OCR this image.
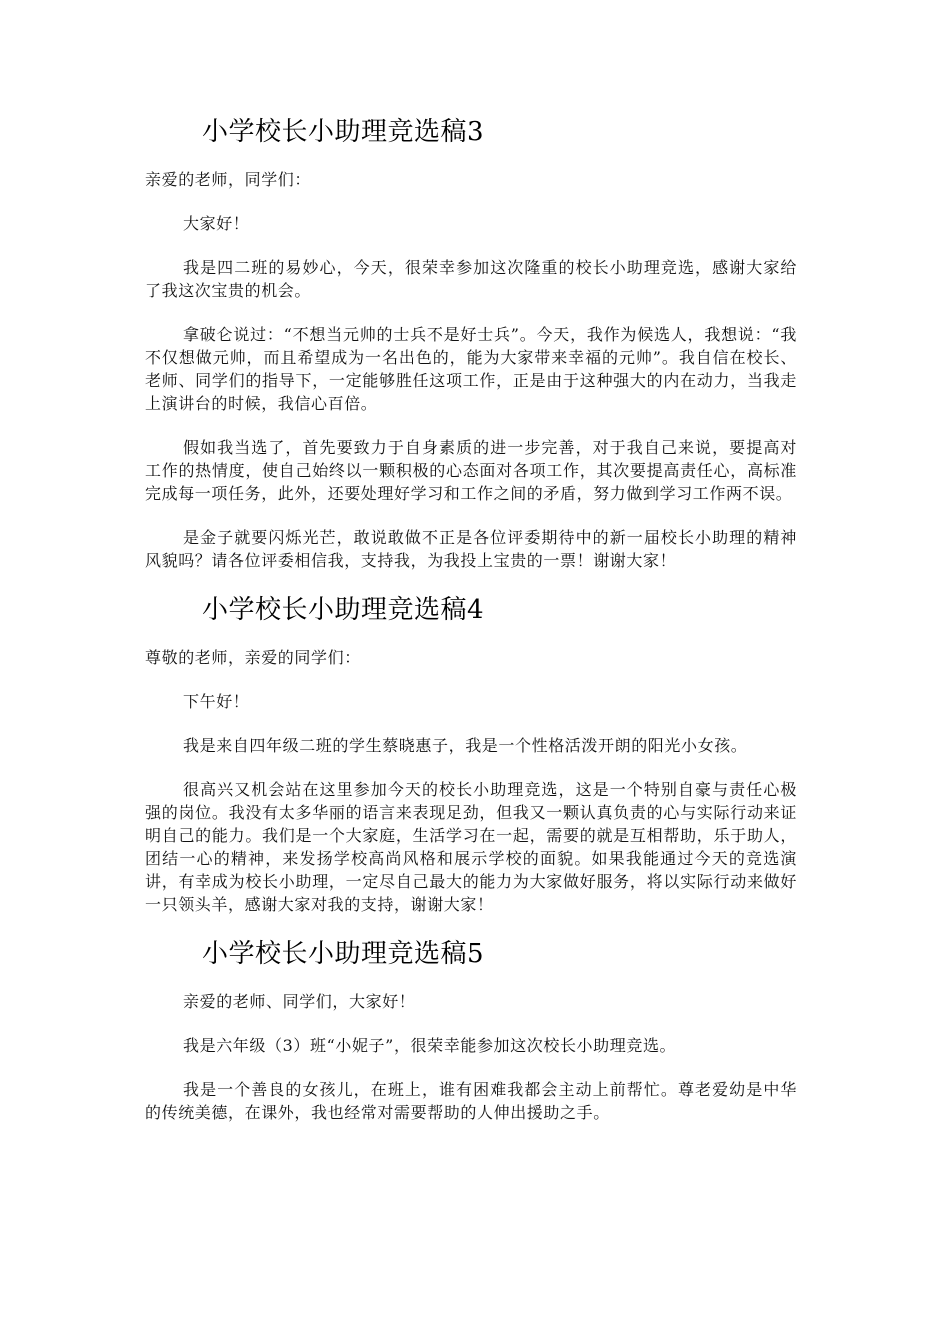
小学校长小助理竞选稿3

亲爱的老师，同学们：

大家好！

我是四二班的易妙心，今天，很荣幸参加这次隆重的校长小助理竞选，感谢大家给了我这次宝贵的机会。

拿破仑说过：“不想当元帅的士兵不是好士兵”。今天，我作为候选人，我想说：“我不仅想做元帅，而且希望成为一名出色的，能为大家带来幸福的元帅”。我自信在校长、老师、同学们的指导下，一定能够胜任这项工作，正是由于这种强大的内在动力，当我走上演讲台的时候，我信心百倍。

假如我当选了，首先要致力于自身素质的进一步完善，对于我自己来说，要提高对工作的热情度，使自己始终以一颗积极的心态面对各项工作，其次要提高责任心，高标准完成每一项任务，此外，还要处理好学习和工作之间的矛盾，努力做到学习工作两不误。

是金子就要闪烁光芒，敢说敢做不正是各位评委期待中的新一届校长小助理的精神风貌吗？请各位评委相信我，支持我，为我投上宝贵的一票！谢谢大家！

小学校长小助理竞选稿4

尊敬的老师，亲爱的同学们：

下午好！

我是来自四年级二班的学生蔡晓惠子，我是一个性格活泼开朗的阳光小女孩。

很高兴又机会站在这里参加今天的校长小助理竞选，这是一个特别自豪与责任心极强的岗位。我没有太多华丽的语言来表现足劲，但我又一颗认真负责的心与实际行动来证明自己的能力。我们是一个大家庭，生活学习在一起，需要的就是互相帮助，乐于助人，团结一心的精神，来发扬学校高尚风格和展示学校的面貌。如果我能通过今天的竞选演讲，有幸成为校长小助理，一定尽自己最大的能力为大家做好服务，将以实际行动来做好一只领头羊，感谢大家对我的支持，谢谢大家！

小学校长小助理竞选稿5

亲爱的老师、同学们，大家好！

我是六年级（3）班“小妮子”，很荣幸能参加这次校长小助理竞选。

我是一个善良的女孩儿，在班上，谁有困难我都会主动上前帮忙。尊老爱幼是中华的传统美德，在课外，我也经常对需要帮助的人伸出援助之手。
